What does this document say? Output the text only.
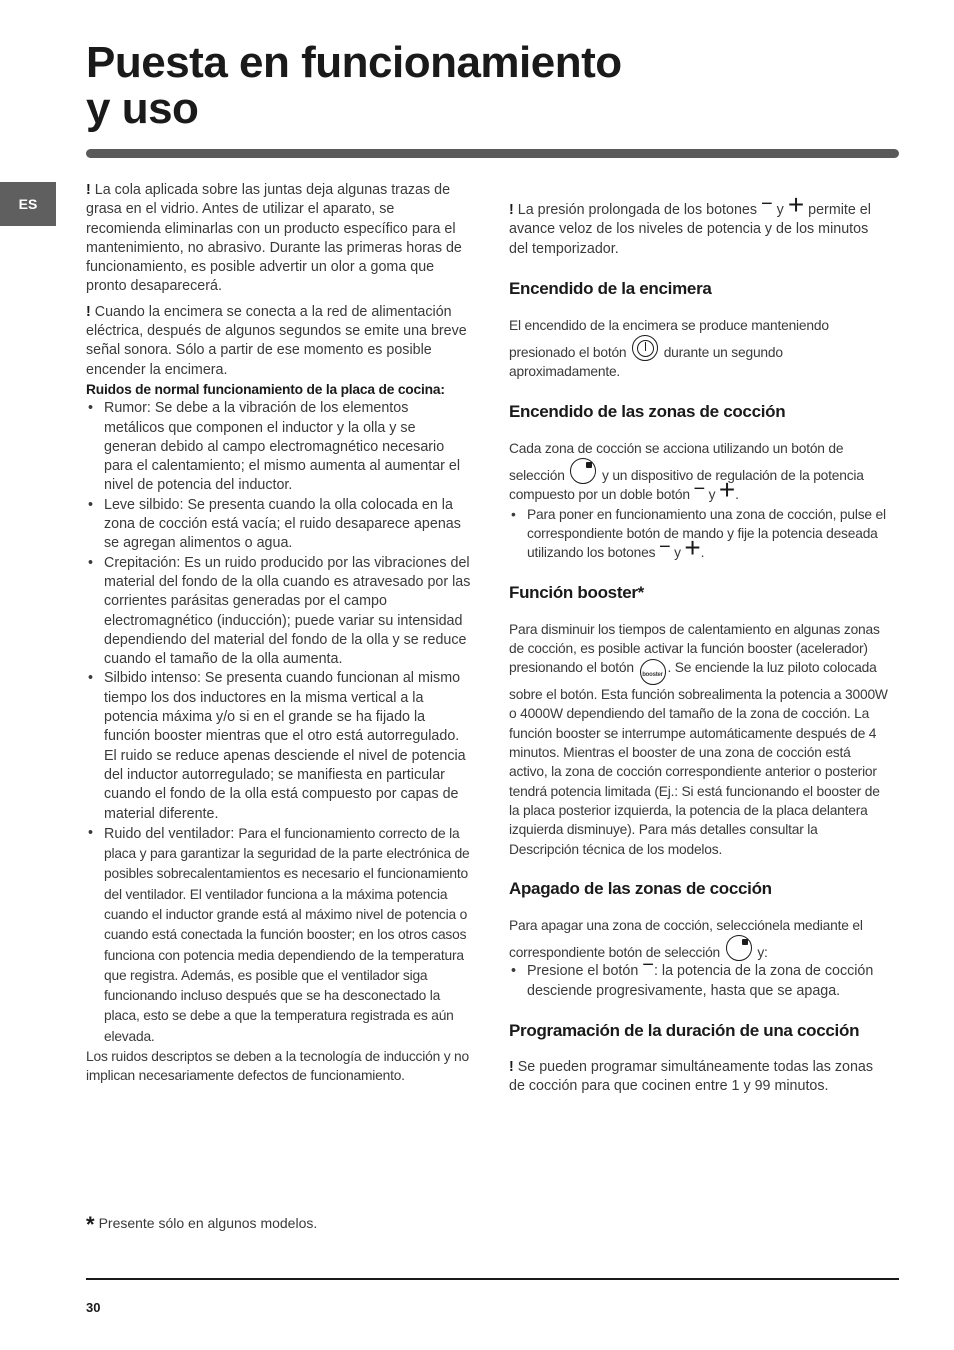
Puesta en funcionamiento
y uso
ES

! La cola aplicada sobre las juntas deja algunas trazas de grasa en el vidrio. Antes de utilizar el aparato, se recomienda eliminarlas con un producto específico para el mantenimiento, no abrasivo. Durante las primeras horas de funcionamiento, es posible advertir un olor a goma que pronto desaparecerá.

! Cuando la encimera se conecta a la red de alimentación eléctrica, después de algunos segundos se emite una breve señal sonora. Sólo a partir de ese momento es posible encender la encimera.

Ruidos de normal funcionamiento de la placa de cocina:

• Rumor: Se debe a la vibración de los elementos metálicos que componen el inductor y la olla y se generan debido al campo electromagnético necesario para el calentamiento; el mismo aumenta al aumentar el nivel de potencia del inductor.
• Leve silbido: Se presenta cuando la olla colocada en la zona de cocción está vacía; el ruido desaparece apenas se agregan alimentos o agua.
• Crepitación: Es un ruido producido por las vibraciones del material del fondo de la olla cuando es atravesado por las corrientes parásitas generadas por el campo electromagnético (inducción); puede variar su intensidad dependiendo del material del fondo de la olla y se reduce cuando el tamaño de la olla aumenta.
• Silbido intenso: Se presenta cuando funcionan al mismo tiempo los dos inductores en la misma vertical a la potencia máxima y/o si en el grande se ha fijado la función booster mientras que el otro está autorregulado. El ruido se reduce apenas desciende el nivel de potencia del inductor autorregulado; se manifiesta en particular cuando el fondo de la olla está compuesto por capas de material diferente.
• Ruido del ventilador: Para el funcionamiento correcto de la placa y para garantizar la seguridad de la parte electrónica de posibles sobrecalentamientos es necesario el funcionamiento del ventilador. El ventilador funciona a la máxima potencia cuando el inductor grande está al máximo nivel de potencia o cuando está conectada la función booster; en los otros casos funciona con potencia media dependiendo de la temperatura que registra. Además, es posible que el ventilador siga funcionando incluso después que se ha desconectado la placa, esto se debe a que la temperatura registrada es aún elevada.

Los ruidos descriptos se deben a la tecnología de inducción y no implican necesariamente defectos de funcionamiento.

* Presente sólo en algunos modelos.

! La presión prolongada de los botones − y + permite el avance veloz de los niveles de potencia y de los minutos del temporizador.

Encendido de la encimera

El encendido de la encimera se produce manteniendo presionado el botón	durante un segundo aproximadamente.

Encendido de las zonas de cocción

Cada zona de cocción se acciona utilizando un botón de selección	y un dispositivo de regulación de la potencia compuesto por un doble botón − y +.

• Para poner en funcionamiento una zona de cocción, pulse el correspondiente botón de mando y fije la potencia deseada utilizando los botones − y +.
Función booster*

Para disminuir los tiempos de calentamiento en algunas zonas de cocción, es posible activar la función booster (acelerador) presionando el botón booster . Se enciende la luz piloto colocada sobre el botón. Esta función sobrealimenta la potencia a 3000W o 4000W dependiendo del tamaño de la zona de cocción. La función booster se interrumpe automáticamente después de 4 minutos. Mientras el booster de una zona de cocción está activo, la zona de cocción correspondiente anterior o posterior tendrá potencia limitada (Ej.: Si está funcionando el booster de la placa posterior izquierda, la potencia de la placa delantera izquierda disminuye). Para más detalles consultar la Descripción técnica de los modelos.

Apagado de las zonas de cocción

Para apagar una zona de cocción, selecciónela mediante el correspondiente botón de selección	y:

• Presione el botón −: la potencia de la zona de cocción desciende progresivamente, hasta que se apaga.
Programación de la duración de una cocción

! Se pueden programar simultáneamente todas las zonas de cocción para que cocinen entre 1 y 99 minutos.

30
